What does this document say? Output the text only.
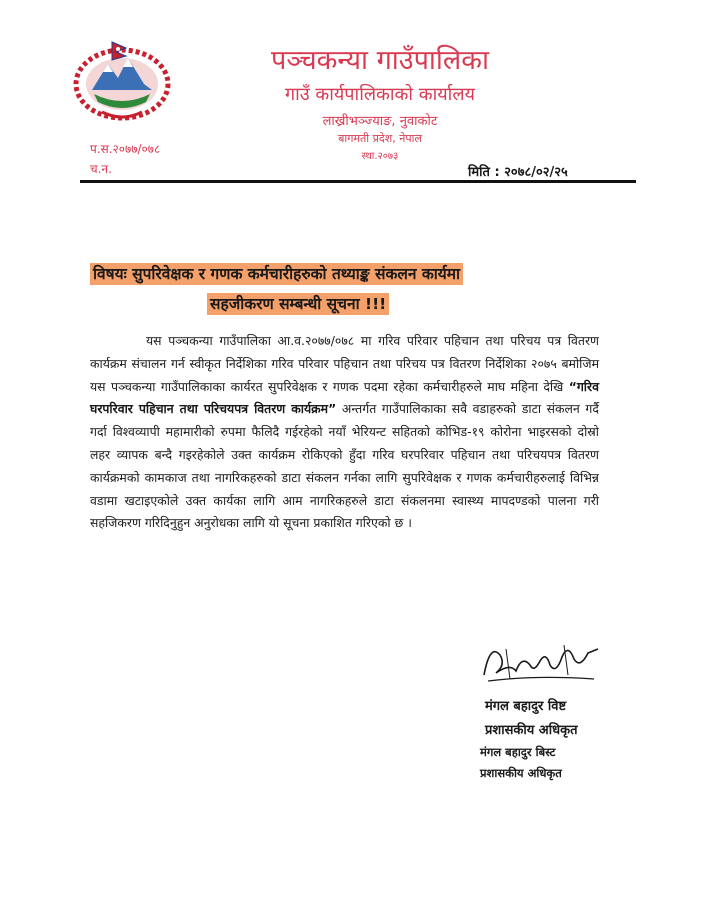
पञ्चकन्या गाउँपालिका
गाउँ कार्यपालिकाको कार्यालय
लाख्रीभञ्ज्याङ, नुवाकोट
बागमती प्रदेश, नेपाल
स्था.२०७३
प.स.२०७७/०७८
च.न.	मिति : २०७८/०२/२५
विषयः सुपरिवेक्षक र गणक कर्मचारीहरुको तथ्याङ्क संकलन कार्यमा
सहजीकरण सम्बन्धी सूचना !!!
यस पञ्चकन्या गाउँपालिका आ.व.२०७७/०७८ मा गरिव परिवार पहिचान तथा परिचय पत्र वितरण कार्यक्रम संचालन गर्न स्वीकृत निर्देशिका गरिव परिवार पहिचान तथा परिचय पत्र वितरण निर्देशिका २०७५ बमोजिम यस पञ्चकन्या गाउँपालिकाका कार्यरत सुपरिवेक्षक र गणक पदमा रहेका कर्मचारीहरुले माघ महिना देखि “गरिव घरपरिवार पहिचान तथा परिचयपत्र वितरण कार्यक्रम” अन्तर्गत गाउँपालिकाका सवै वडाहरुको डाटा संकलन गर्दै गर्दा विश्वव्यापी महामारीको रुपमा फैलिदै गईरहेको नयाँ भेरियन्ट सहितको कोभिड-१९ कोरोना भाइरसको दोस्रो लहर व्यापक बन्दै गइरहेकोले उक्त कार्यक्रम रोकिएको हुँदा गरिव घरपरिवार पहिचान तथा परिचयपत्र वितरण कार्यक्रमको कामकाज तथा नागरिकहरुको डाटा संकलन गर्नका लागि सुपरिवेक्षक र गणक कर्मचारीहरुलाई विभिन्न वडामा खटाइएकोले उक्त कार्यका लागि आम नागरिकहरुले डाटा संकलनमा स्वास्थ्य मापदण्डको पालना गरी सहजिकरण गरिदिनुहुन अनुरोधका लागि यो सूचना प्रकाशित गरिएको छ ।
मंगल बहादुर विष्ट
प्रशासकीय अधिकृत
मंगल बहादुर बिस्ट
प्रशासकीय अधिकृत
